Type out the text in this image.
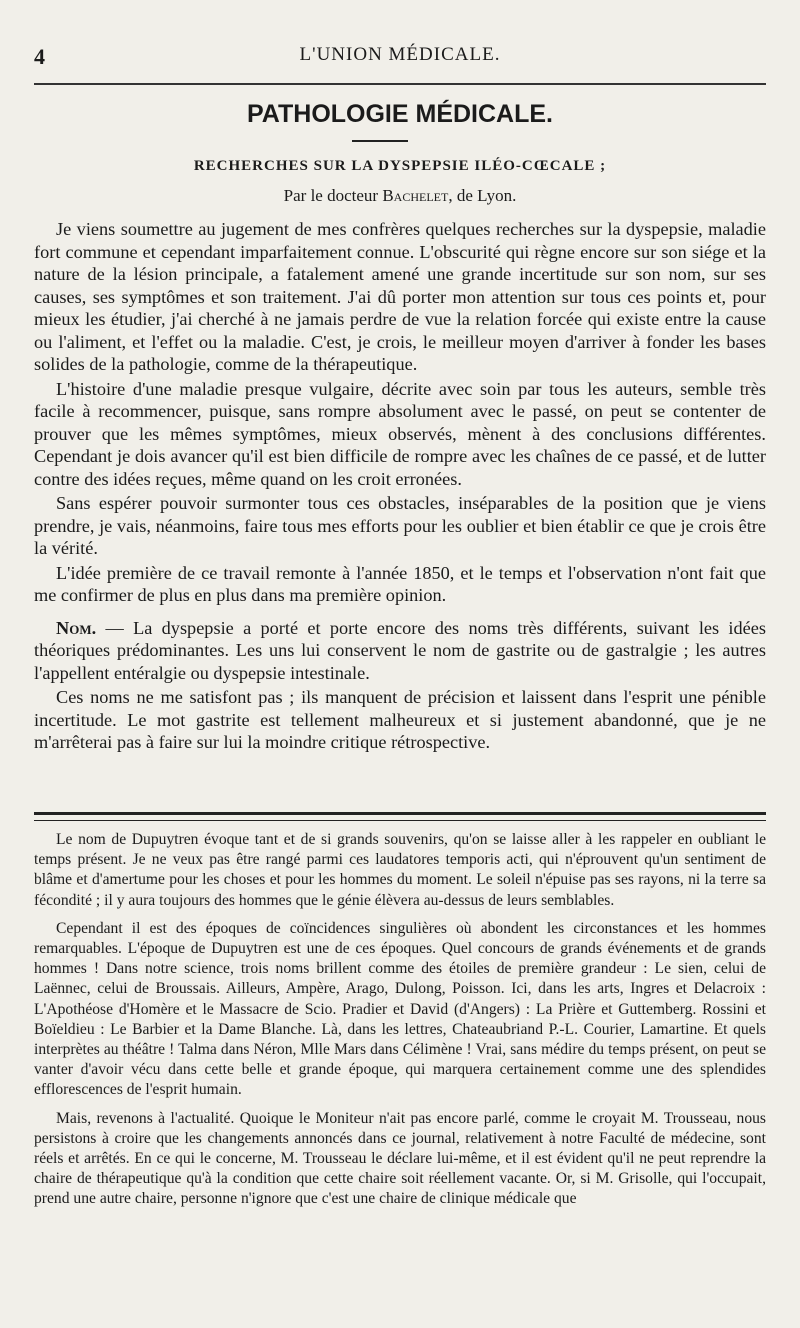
4	L'UNION MÉDICALE.
PATHOLOGIE MÉDICALE.
RECHERCHES SUR LA DYSPEPSIE ILÉO-CŒCALE ;
Par le docteur Bachelet, de Lyon.

Je viens soumettre au jugement de mes confrères quelques recherches sur la dyspepsie, maladie fort commune et cependant imparfaitement connue. L'obscurité qui règne encore sur son siége et la nature de la lésion principale, a fatalement amené une grande incertitude sur son nom, sur ses causes, ses symptômes et son traitement. J'ai dû porter mon attention sur tous ces points et, pour mieux les étudier, j'ai cherché à ne jamais perdre de vue la relation forcée qui existe entre la cause ou l'aliment, et l'effet ou la maladie. C'est, je crois, le meilleur moyen d'arriver à fonder les bases solides de la pathologie, comme de la thérapeutique.

L'histoire d'une maladie presque vulgaire, décrite avec soin par tous les auteurs, semble très facile à recommencer, puisque, sans rompre absolument avec le passé, on peut se contenter de prouver que les mêmes symptômes, mieux observés, mènent à des conclusions différentes. Cependant je dois avancer qu'il est bien difficile de rompre avec les chaînes de ce passé, et de lutter contre des idées reçues, même quand on les croit erronées.

Sans espérer pouvoir surmonter tous ces obstacles, inséparables de la position que je viens prendre, je vais, néanmoins, faire tous mes efforts pour les oublier et bien établir ce que je crois être la vérité.

L'idée première de ce travail remonte à l'année 1850, et le temps et l'observation n'ont fait que me confirmer de plus en plus dans ma première opinion.

Nom. — La dyspepsie a porté et porte encore des noms très différents, suivant les idées théoriques prédominantes. Les uns lui conservent le nom de gastrite ou de gastralgie ; les autres l'appellent entéralgie ou dyspepsie intestinale.

Ces noms ne me satisfont pas ; ils manquent de précision et laissent dans l'esprit une pénible incertitude. Le mot gastrite est tellement malheureux et si justement abandonné, que je ne m'arrêterai pas à faire sur lui la moindre critique rétrospective.

Le nom de Dupuytren évoque tant et de si grands souvenirs, qu'on se laisse aller à les rappeler en oubliant le temps présent. Je ne veux pas être rangé parmi ces laudatores temporis acti, qui n'éprouvent qu'un sentiment de blâme et d'amertume pour les choses et pour les hommes du moment. Le soleil n'épuise pas ses rayons, ni la terre sa fécondité ; il y aura toujours des hommes que le génie élèvera au-dessus de leurs semblables.

Cependant il est des époques de coïncidences singulières où abondent les circonstances et les hommes remarquables. L'époque de Dupuytren est une de ces époques. Quel concours de grands événements et de grands hommes ! Dans notre science, trois noms brillent comme des étoiles de première grandeur : Le sien, celui de Laënnec, celui de Broussais. Ailleurs, Ampère, Arago, Dulong, Poisson. Ici, dans les arts, Ingres et Delacroix : L'Apothéose d'Homère et le Massacre de Scio. Pradier et David (d'Angers) : La Prière et Guttemberg. Rossini et Boïeldieu : Le Barbier et la Dame Blanche. Là, dans les lettres, Chateaubriand P.-L. Courier, Lamartine. Et quels interprètes au théâtre ! Talma dans Néron, Mlle Mars dans Célimène ! Vrai, sans médire du temps présent, on peut se vanter d'avoir vécu dans cette belle et grande époque, qui marquera certainement comme une des splendides efflorescences de l'esprit humain.

Mais, revenons à l'actualité. Quoique le Moniteur n'ait pas encore parlé, comme le croyait M. Trousseau, nous persistons à croire que les changements annoncés dans ce journal, relativement à notre Faculté de médecine, sont réels et arrêtés. En ce qui le concerne, M. Trousseau le déclare lui-même, et il est évident qu'il ne peut reprendre la chaire de thérapeutique qu'à la condition que cette chaire soit réellement vacante. Or, si M. Grisolle, qui l'occupait, prend une autre chaire, personne n'ignore que c'est une chaire de clinique médicale que
